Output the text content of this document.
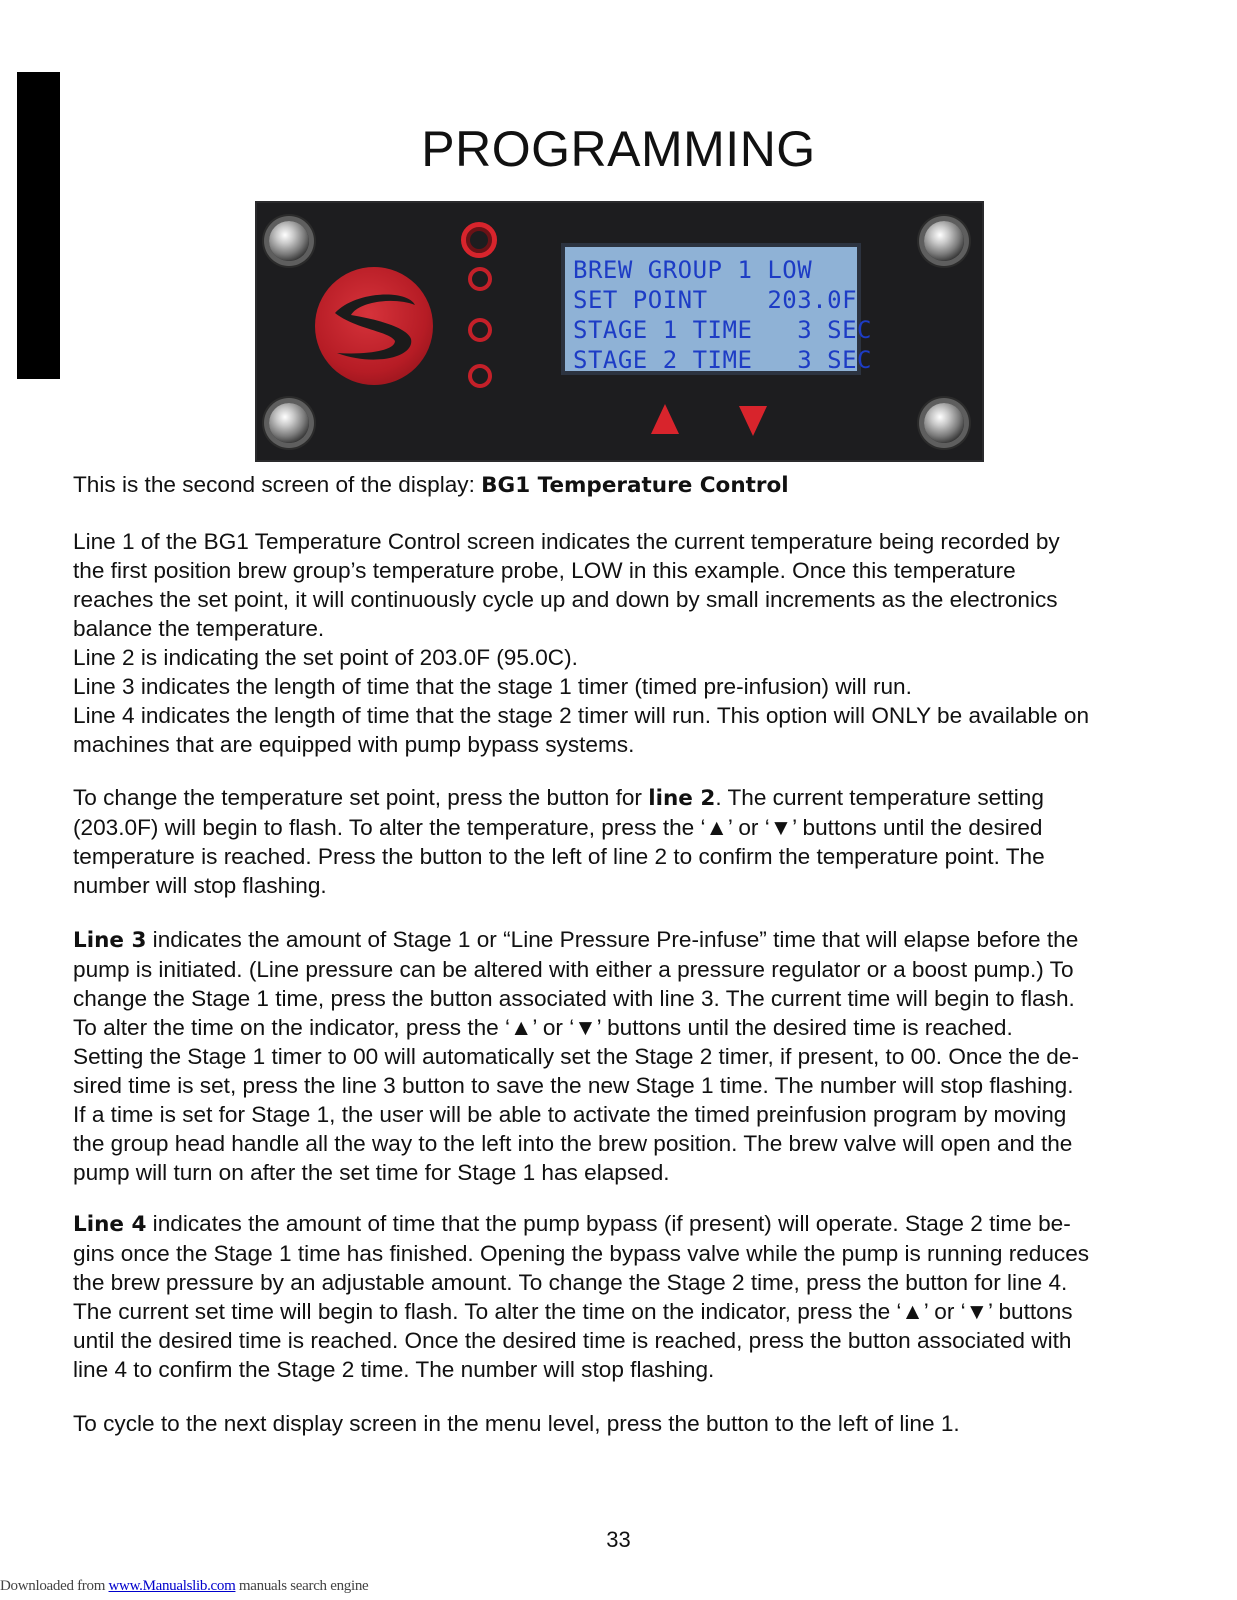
PROGRAMMING
BREW GROUP 1 LOW
SET POINT    203.0F
STAGE 1 TIME   3 SEC
STAGE 2 TIME   3 SEC

This is the second screen of the display: BG1 Temperature Control

Line 1 of the BG1 Temperature Control screen indicates the current temperature being recorded by

the first position brew group’s temperature probe, LOW in this example. Once this temperature

reaches the set point, it will continuously cycle up and down by small increments as the electronics

balance the temperature.

Line 2 is indicating the set point of 203.0F (95.0C).

Line 3 indicates the length of time that the stage 1 timer (timed pre-infusion) will run.

Line 4 indicates the length of time that the stage 2 timer will run. This option will ONLY be available on

machines that are equipped with pump bypass systems.

To change the temperature set point, press the button for line 2. The current temperature setting

(203.0F) will begin to flash. To alter the temperature, press the ‘▲’ or ‘▼’ buttons until the desired

temperature is reached. Press the button to the left of line 2 to confirm the temperature point. The

number will stop flashing.

Line 3 indicates the amount of Stage 1 or “Line Pressure Pre-infuse” time that will elapse before the

pump is initiated. (Line pressure can be altered with either a pressure regulator or a boost pump.) To

change the Stage 1 time, press the button associated with line 3. The current time will begin to flash.

To alter the time on the indicator, press the ‘▲’ or ‘▼’ buttons until the desired time is reached.

Setting the Stage 1 timer to 00 will automatically set the Stage 2 timer, if present, to 00. Once the de-

sired time is set, press the line 3 button to save the new Stage 1 time. The number will stop flashing.

If a time is set for Stage 1, the user will be able to activate the timed preinfusion program by moving

the group head handle all the way to the left into the brew position. The brew valve will open and the

pump will turn on after the set time for Stage 1 has elapsed.

Line 4 indicates the amount of time that the pump bypass (if present) will operate. Stage 2 time be-

gins once the Stage 1 time has finished. Opening the bypass valve while the pump is running reduces

the brew pressure by an adjustable amount. To change the Stage 2 time, press the button for line 4.

The current set time will begin to flash. To alter the time on the indicator, press the ‘▲’ or ‘▼’ buttons

until the desired time is reached. Once the desired time is reached, press the button associated with

line 4 to confirm the Stage 2 time. The number will stop flashing.

To cycle to the next display screen in the menu level, press the button to the left of line 1.

33
Downloaded from www.Manualslib.com manuals search engine
